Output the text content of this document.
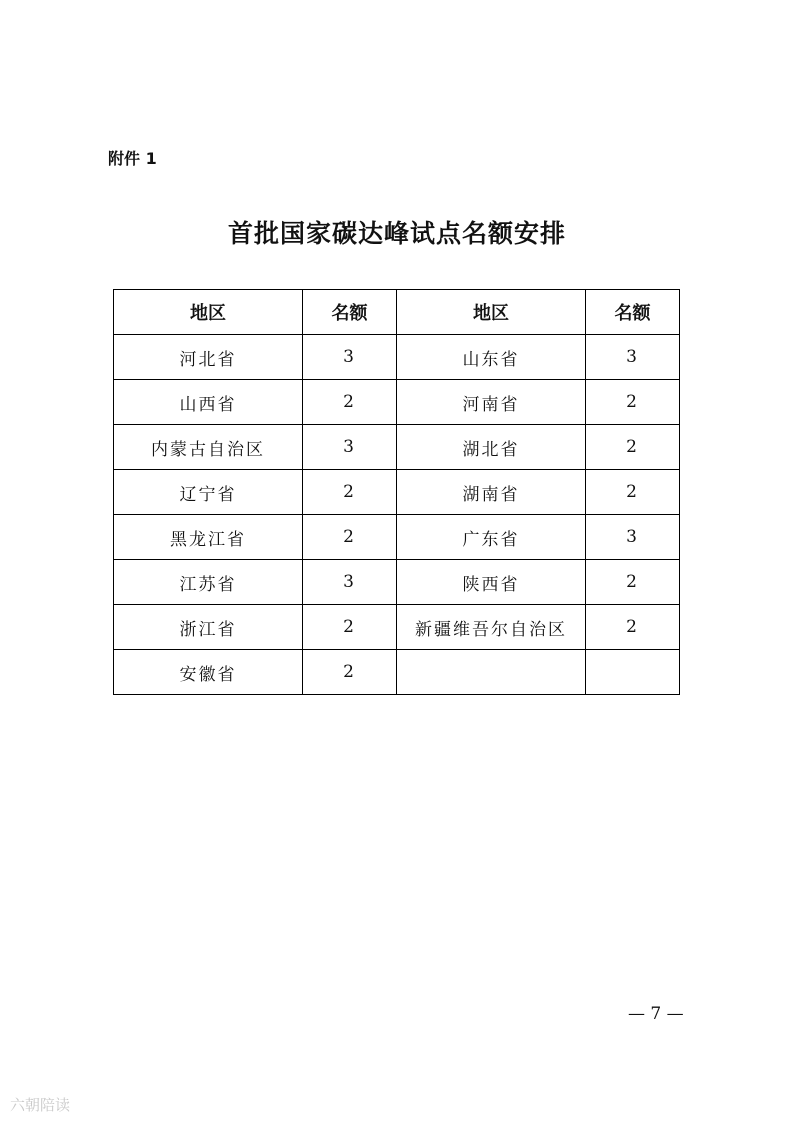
附件 1
首批国家碳达峰试点名额安排
地区	名额	地区	名额
河北省	3	山东省	3
山西省	2	河南省	2
内蒙古自治区	3	湖北省	2
辽宁省	2	湖南省	2
黑龙江省	2	广东省	3
江苏省	3	陕西省	2
浙江省	2	新疆维吾尔自治区	2
安徽省	2		
— 7 —
六朝陪读
